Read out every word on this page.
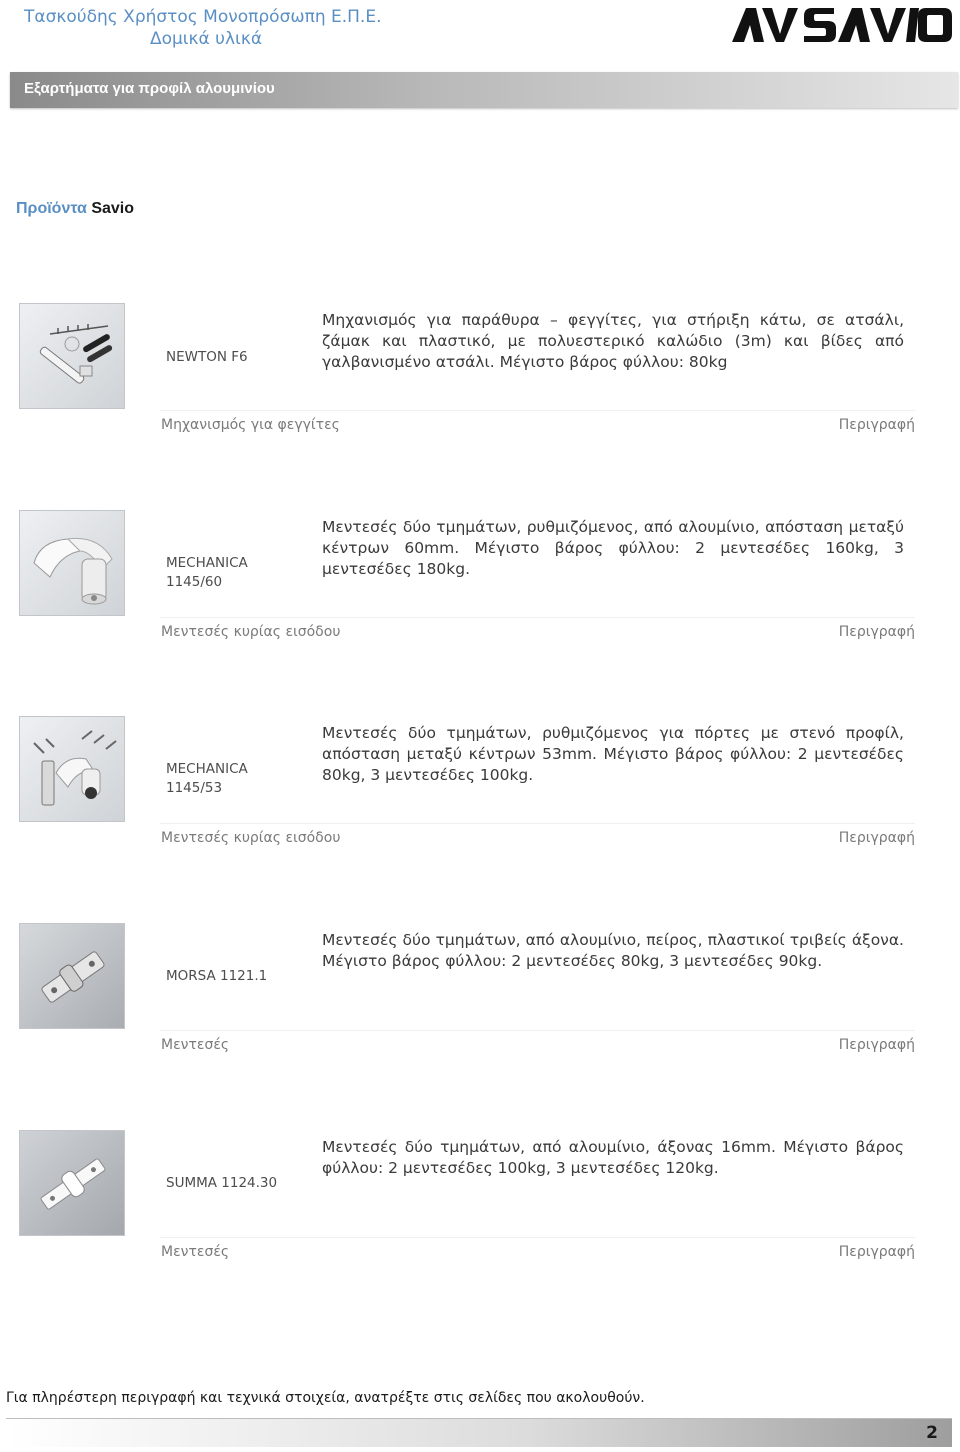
Τασκούδης Χρήστος Μονοπρόσωπη Ε.Π.Ε.
Δομικά υλικά
AV SAVIO
Εξαρτήματα για προφίλ αλουμινίου
Προϊόντα Savio
NEWTON F6
Μηχανισμός για παράθυρα – φεγγίτες, για στήριξη κάτω, σε ατσάλι, ζάμακ και πλαστικό, με πολυεστερικό καλώδιο (3m) και βίδες από γαλβανισμένο ατσάλι. Μέγιστο βάρος φύλλου: 80kg
Μηχανισμός για φεγγίτες	Περιγραφή
MECHANICA
1145/60
Μεντεσές δύο τμημάτων, ρυθμιζόμενος, από αλουμίνιο, απόσταση μεταξύ κέντρων 60mm. Μέγιστο βάρος φύλλου: 2 μεντεσέδες 160kg, 3 μεντεσέδες 180kg.
Μεντεσές κυρίας εισόδου	Περιγραφή
MECHANICA
1145/53
Μεντεσές δύο τμημάτων, ρυθμιζόμενος για πόρτες με στενό προφίλ, απόσταση μεταξύ κέντρων 53mm. Μέγιστο βάρος φύλλου: 2 μεντεσέδες 80kg, 3 μεντεσέδες 100kg.
Μεντεσές κυρίας εισόδου	Περιγραφή
MORSA 1121.1
Μεντεσές δύο τμημάτων, από αλουμίνιο, πείρος, πλαστικοί τριβείς άξονα. Μέγιστο βάρος φύλλου: 2 μεντεσέδες 80kg, 3 μεντεσέδες 90kg.
Μεντεσές	Περιγραφή
SUMMA 1124.30
Μεντεσές δύο τμημάτων, από αλουμίνιο, άξονας 16mm. Μέγιστο βάρος φύλλου: 2 μεντεσέδες 100kg, 3 μεντεσέδες 120kg.
Μεντεσές	Περιγραφή
Για πληρέστερη περιγραφή και τεχνικά στοιχεία, ανατρέξτε στις σελίδες που ακολουθούν.
2
